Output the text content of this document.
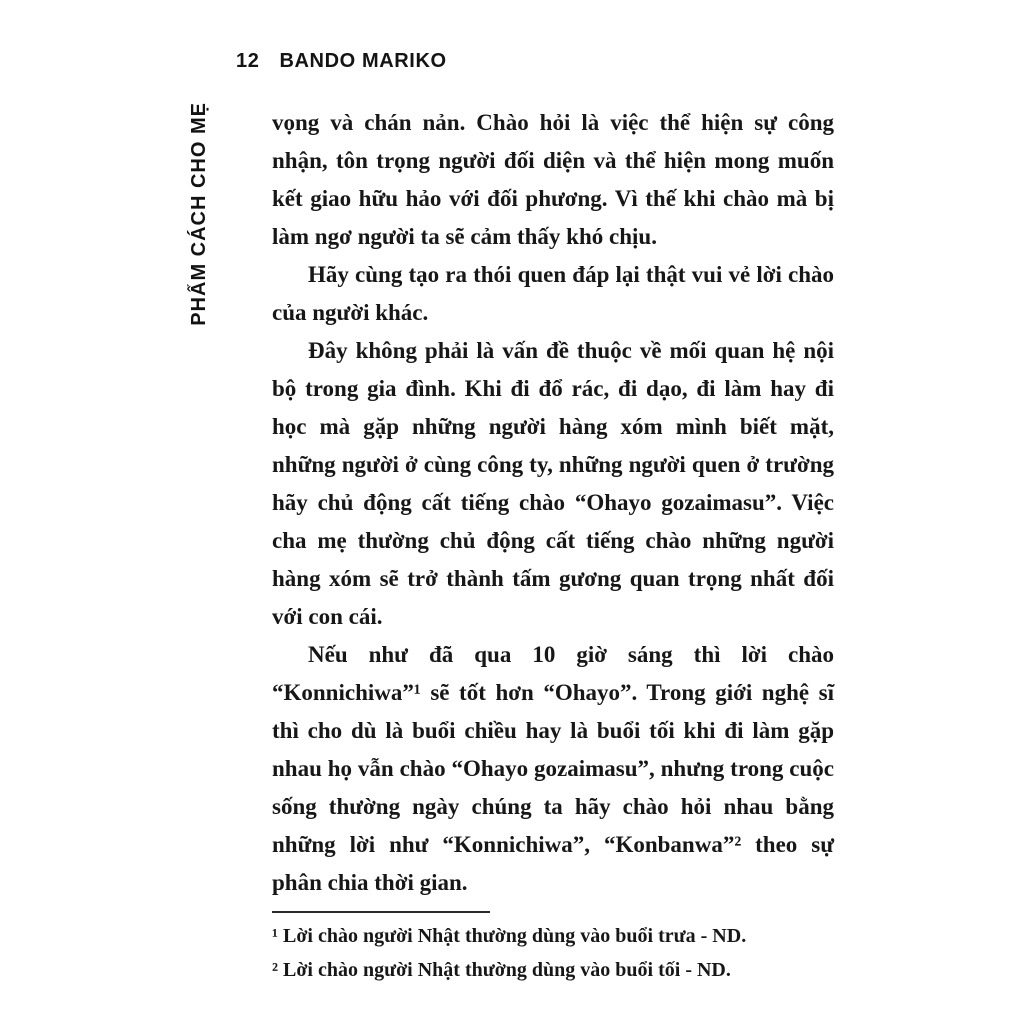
12 BANDO MARIKO
PHẨM CÁCH CHO MẸ	vọng và chán nản. Chào hỏi là việc thể hiện sự công nhận, tôn trọng người đối diện và thể hiện mong muốn kết giao hữu hảo với đối phương. Vì thế khi chào mà bị làm ngơ người ta sẽ cảm thấy khó chịu.

Hãy cùng tạo ra thói quen đáp lại thật vui vẻ lời chào của người khác.

Đây không phải là vấn đề thuộc về mối quan hệ nội bộ trong gia đình. Khi đi đổ rác, đi dạo, đi làm hay đi học mà gặp những người hàng xóm mình biết mặt, những người ở cùng công ty, những người quen ở trường hãy chủ động cất tiếng chào “Ohayo gozaimasu”. Việc cha mẹ thường chủ động cất tiếng chào những người hàng xóm sẽ trở thành tấm gương quan trọng nhất đối với con cái.

Nếu như đã qua 10 giờ sáng thì lời chào “Konnichiwa”¹ sẽ tốt hơn “Ohayo”. Trong giới nghệ sĩ thì cho dù là buổi chiều hay là buổi tối khi đi làm gặp nhau họ vẫn chào “Ohayo gozaimasu”, nhưng trong cuộc sống thường ngày chúng ta hãy chào hỏi nhau bằng những lời như “Konnichiwa”, “Konbanwa”² theo sự phân chia thời gian.

¹ Lời chào người Nhật thường dùng vào buổi trưa - ND.

² Lời chào người Nhật thường dùng vào buổi tối - ND.
